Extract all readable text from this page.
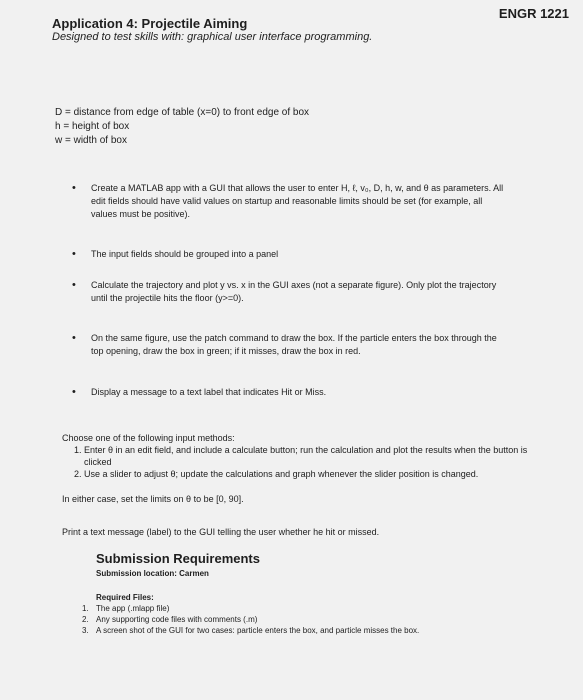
ENGR 1221
Application 4: Projectile Aiming
Designed to test skills with: graphical user interface programming.
D = distance from edge of table (x=0) to front edge of box
h = height of box
w = width of box
• Create a MATLAB app with a GUI that allows the user to enter H, ℓ, v₀, D, h, w, and θ as parameters. All edit fields should have valid values on startup and reasonable limits should be set (for example, all values must be positive).
• The input fields should be grouped into a panel
• Calculate the trajectory and plot y vs. x in the GUI axes (not a separate figure). Only plot the trajectory until the projectile hits the floor (y>=0).
• On the same figure, use the patch command to draw the box. If the particle enters the box through the top opening, draw the box in green; if it misses, draw the box in red.
• Display a message to a text label that indicates Hit or Miss.
Choose one of the following input methods:
1. Enter θ in an edit field, and include a calculate button; run the calculation and plot the results when the button is clicked
2. Use a slider to adjust θ; update the calculations and graph whenever the slider position is changed.
In either case, set the limits on θ to be [0, 90].
Print a text message (label) to the GUI telling the user whether he hit or missed.
Submission Requirements
Submission location: Carmen
Required Files:
1. The app (.mlapp file)
2. Any supporting code files with comments (.m)
3. A screen shot of the GUI for two cases: particle enters the box, and particle misses the box.
